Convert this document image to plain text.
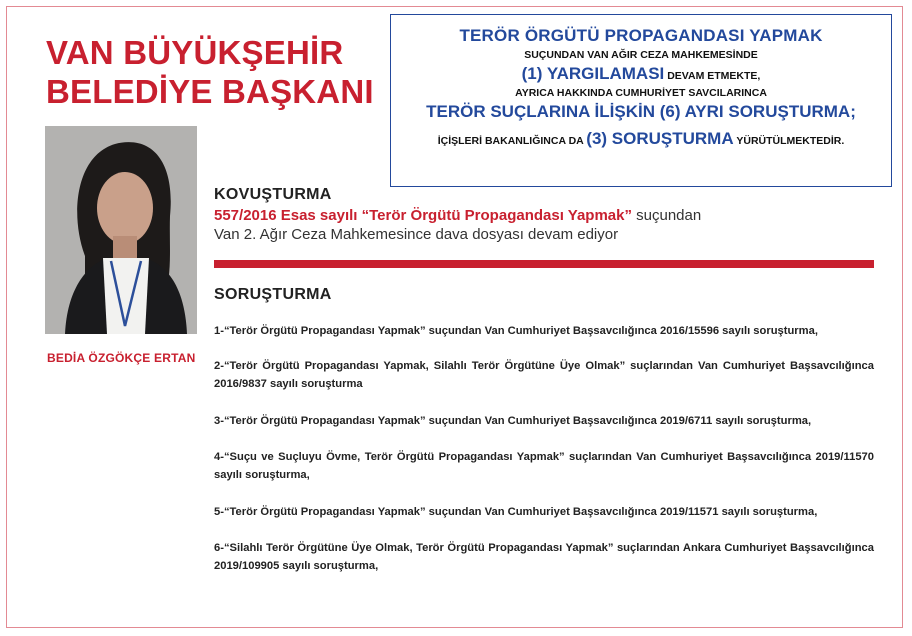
VAN BÜYÜKŞEHİR
BELEDİYE BAŞKANI
BEDİA ÖZGÖKÇE ERTAN
TERÖR ÖRGÜTÜ PROPAGANDASI YAPMAK
SUÇUNDAN VAN AĞIR CEZA MAHKEMESİNDE
(1) YARGILAMASI DEVAM ETMEKTE,
AYRICA HAKKINDA CUMHURİYET SAVCILARINCA
TERÖR SUÇLARINA İLİŞKİN (6) AYRI SORUŞTURMA;
İÇİŞLERİ BAKANLIĞINCA DA (3) SORUŞTURMA YÜRÜTÜLMEKTEDİR.
KOVUŞTURMA
557/2016 Esas sayılı “Terör Örgütü Propagandası Yapmak” suçundan
Van 2. Ağır Ceza Mahkemesince dava dosyası devam ediyor
SORUŞTURMA
1-“Terör Örgütü Propagandası Yapmak” suçundan Van Cumhuriyet Başsavcılığınca 2016/15596 sayılı soruşturma,
2-“Terör Örgütü Propagandası Yapmak, Silahlı Terör Örgütüne Üye Olmak” suçlarından Van Cumhuriyet Başsavcılığınca 2016/9837 sayılı soruşturma
3-“Terör Örgütü Propagandası Yapmak” suçundan Van Cumhuriyet Başsavcılığınca 2019/6711 sayılı soruşturma,
4-“Suçu ve Suçluyu Övme, Terör Örgütü Propagandası Yapmak” suçlarından Van Cumhuriyet Başsavcılığınca 2019/11570 sayılı soruşturma,
5-“Terör Örgütü Propagandası Yapmak” suçundan Van Cumhuriyet Başsavcılığınca 2019/11571 sayılı soruşturma,
6-“Silahlı Terör Örgütüne Üye Olmak, Terör Örgütü Propagandası Yapmak” suçlarından Ankara Cumhuriyet Başsavcılığınca 2019/109905 sayılı soruşturma,
